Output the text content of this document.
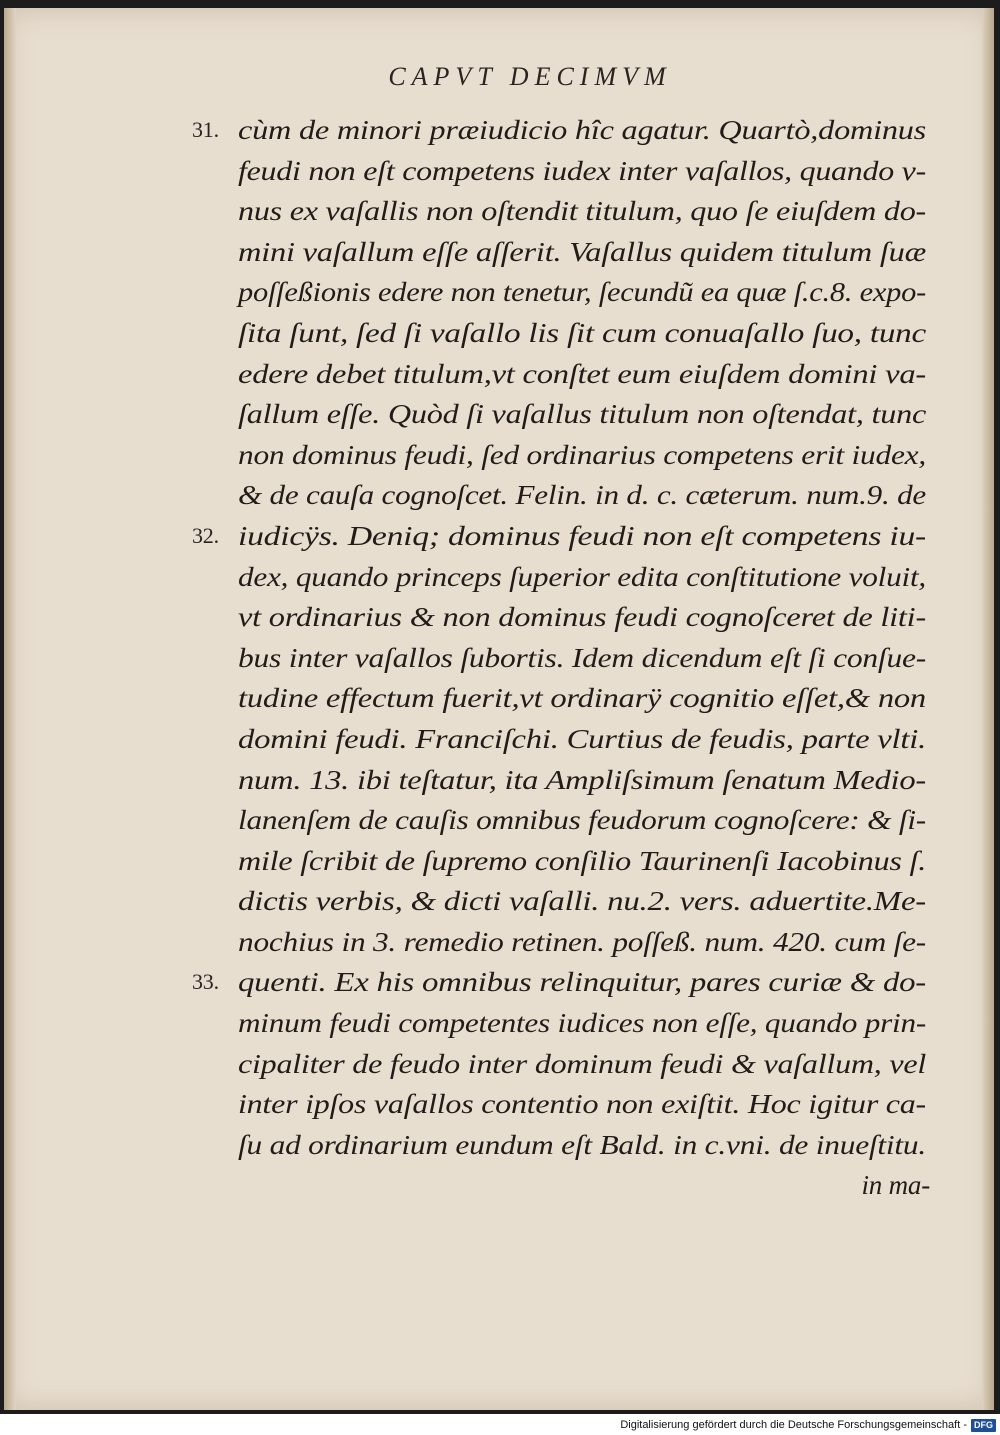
CAPVT DECIMVM
31. cùm de minori præiudicio hîc agatur. Quartò,dominus
feudi non eſt competens iudex inter vaſallos, quando v-
nus ex vaſallis non oſtendit titulum, quo ſe eiuſdem do-
mini vaſallum eſſe aſſerit. Vaſallus quidem titulum ſuæ
poſſeßionis edere non tenetur, ſecundũ ea quæ ſ.c.8. expo-
ſita ſunt, ſed ſi vaſallo lis ſit cum conuaſallo ſuo, tunc
edere debet titulum,vt conſtet eum eiuſdem domini va-
ſallum eſſe. Quòd ſi vaſallus titulum non oſtendat, tunc
non dominus feudi, ſed ordinarius competens erit iudex,
& de cauſa cognoſcet. Felin. in d. c. cæterum. num.9. de
32. iudicÿs. Deniq; dominus feudi non eſt competens iu-
dex, quando princeps ſuperior edita conſtitutione voluit,
vt ordinarius & non dominus feudi cognoſceret de liti-
bus inter vaſallos ſubortis. Idem dicendum eſt ſi conſue-
tudine effectum fuerit,vt ordinarÿ cognitio eſſet,& non
domini feudi. Franciſchi. Curtius de feudis, parte vlti.
num. 13. ibi teſtatur, ita Ampliſsimum ſenatum Medio-
lanenſem de cauſis omnibus feudorum cognoſcere: & ſi-
mile ſcribit de ſupremo conſilio Taurinenſi Iacobinus ſ.
dictis verbis, & dicti vaſalli. nu.2. vers. aduertite.Me-
nochius in 3. remedio retinen. poſſeß. num. 420. cum ſe-
33. quenti. Ex his omnibus relinquitur, pares curiæ & do-
minum feudi competentes iudices non eſſe, quando prin-
cipaliter de feudo inter dominum feudi & vaſallum, vel
inter ipſos vaſallos contentio non exiſtit. Hoc igitur ca-
ſu ad ordinarium eundum eſt Bald. in c.vni. de inueſtitu.
in ma-
Digitalisierung gefördert durch die Deutsche Forschungsgemeinschaft - DFG
